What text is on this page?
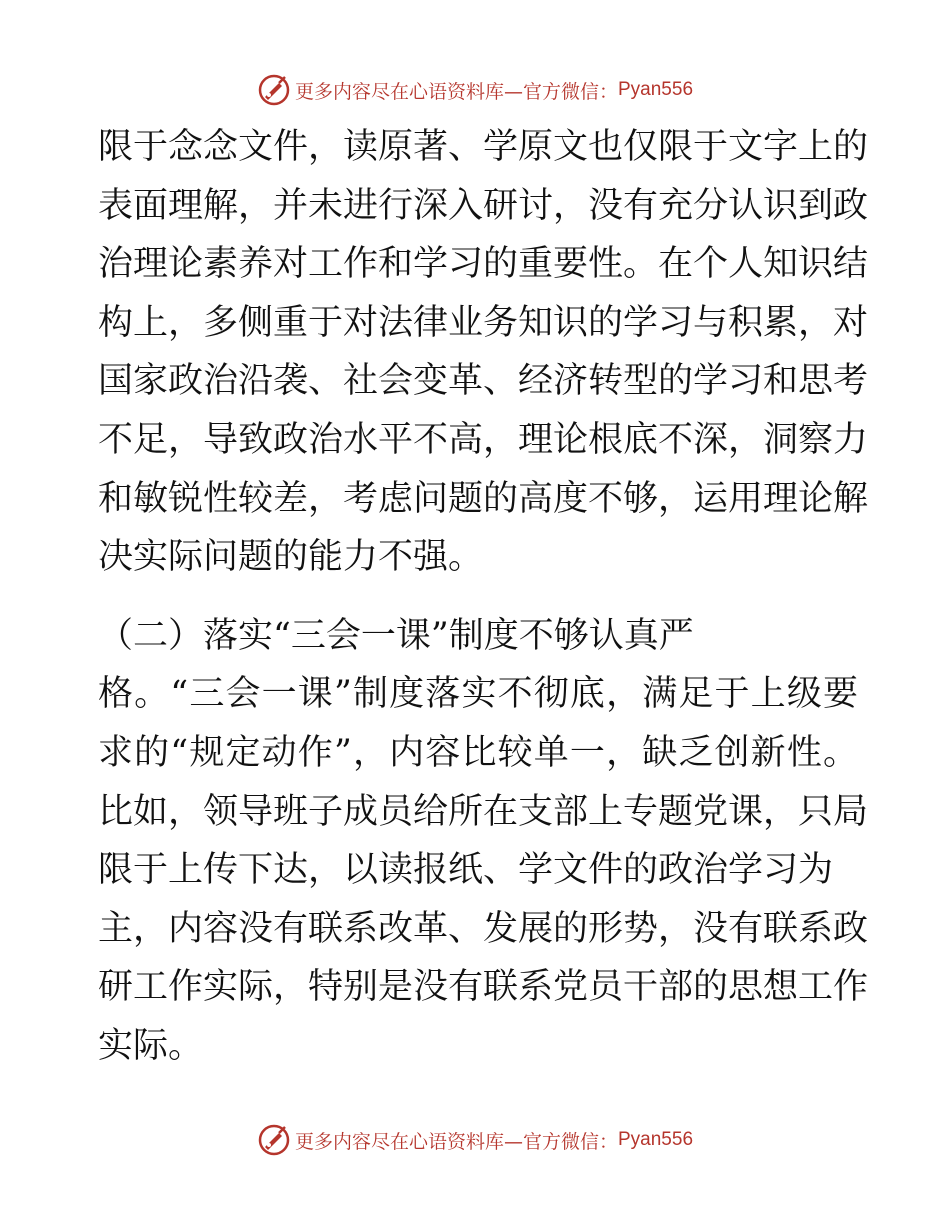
更多内容尽在心语资料库— 官方微信： Pyan556
限于念念文件，读原著、学原文也仅限于文字上的
表面理解，并未进行深入研讨，没有充分认识到政
治理论素养对工作和学习的重要性。在个人知识结
构上，多侧重于对法律业务知识的学习与积累，对
国家政治沿袭、社会变革、经济转型的学习和思考
不足，导致政治水平不高，理论根底不深，洞察力
和敏锐性较差，考虑问题的高度不够，运用理论解
决实际问题的能力不强。
（二）落实“三会一课”制度不够认真严
格。“三会一课”制度落实不彻底，满足于上级要
求的“规定动作”，内容比较单一，缺乏创新性。
比如，领导班子成员给所在支部上专题党课，只局
限于上传下达，以读报纸、学文件的政治学习为
主，内容没有联系改革、发展的形势，没有联系政
研工作实际，特别是没有联系党员干部的思想工作
实际。
更多内容尽在心语资料库— 官方微信： Pyan556
